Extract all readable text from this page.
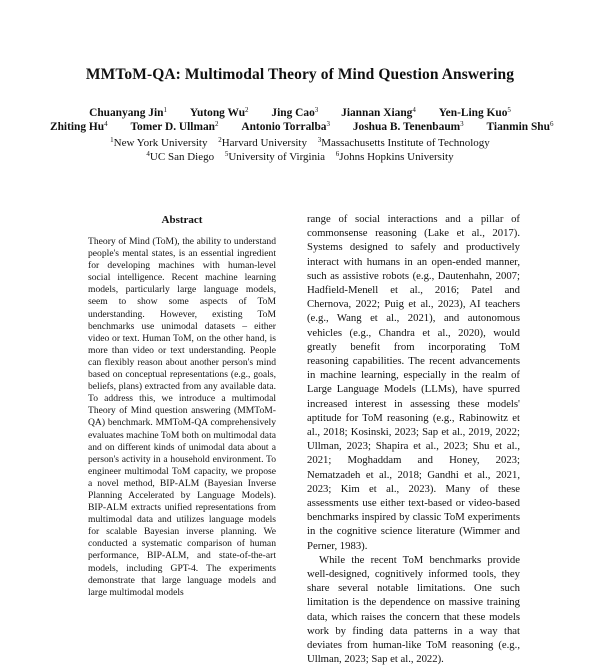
MMToM-QA: Multimodal Theory of Mind Question Answering
Chuanyang Jin$^1$ Yutong Wu$^2$ Jing Cao$^3$ Jiannan Xiang$^4$ Yen-Ling Kuo$^5$
Zhiting Hu$^4$ Tomer D. Ullman$^2$ Antonio Torralba$^3$ Joshua B. Tenenbaum$^3$ Tianmin Shu$^6$
$^1$New York University $^2$Harvard University $^3$Massachusetts Institute of Technology
$^4$UC San Diego $^5$University of Virginia $^6$Johns Hopkins University
Abstract

Theory of Mind (ToM), the ability to understand people's mental states, is an essential ingredient for developing machines with human-level social intelligence. Recent machine learning models, particularly large language models, seem to show some aspects of ToM understanding. However, existing ToM benchmarks use unimodal datasets – either video or text. Human ToM, on the other hand, is more than video or text understanding. People can flexibly reason about another person's mind based on conceptual representations (e.g., goals, beliefs, plans) extracted from any available data. To address this, we introduce a multimodal Theory of Mind question answering (MMToM-QA) benchmark. MMToM-QA comprehensively evaluates machine ToM both on multimodal data and on different kinds of unimodal data about a person's activity in a household environment. To engineer multimodal ToM capacity, we propose a novel method, BIP-ALM (Bayesian Inverse Planning Accelerated by Language Models). BIP-ALM extracts unified representations from multimodal data and utilizes language models for scalable Bayesian inverse planning. We conducted a systematic comparison of human performance, BIP-ALM, and state-of-the-art models, including GPT-4. The experiments demonstrate that large language models and large multimodal models

range of social interactions and a pillar of commonsense reasoning (Lake et al., 2017). Systems designed to safely and productively interact with humans in an open-ended manner, such as assistive robots (e.g., Dautenhahn, 2007; Hadfield-Menell et al., 2016; Patel and Chernova, 2022; Puig et al., 2023), AI teachers (e.g., Wang et al., 2021), and autonomous vehicles (e.g., Chandra et al., 2020), would greatly benefit from incorporating ToM reasoning capabilities. The recent advancements in machine learning, especially in the realm of Large Language Models (LLMs), have spurred increased interest in assessing these models' aptitude for ToM reasoning (e.g., Rabinowitz et al., 2018; Kosinski, 2023; Sap et al., 2019, 2022; Ullman, 2023; Shapira et al., 2023; Shu et al., 2021; Moghaddam and Honey, 2023; Nematzadeh et al., 2018; Gandhi et al., 2021, 2023; Kim et al., 2023). Many of these assessments use either text-based or video-based benchmarks inspired by classic ToM experiments in the cognitive science literature (Wimmer and Perner, 1983).

While the recent ToM benchmarks provide well-designed, cognitively informed tools, they share several notable limitations. One such limitation is the dependence on massive training data, which raises the concern that these models work by finding data patterns in a way that deviates from human-like ToM reasoning (e.g., Ullman, 2023; Sap et al., 2022).
